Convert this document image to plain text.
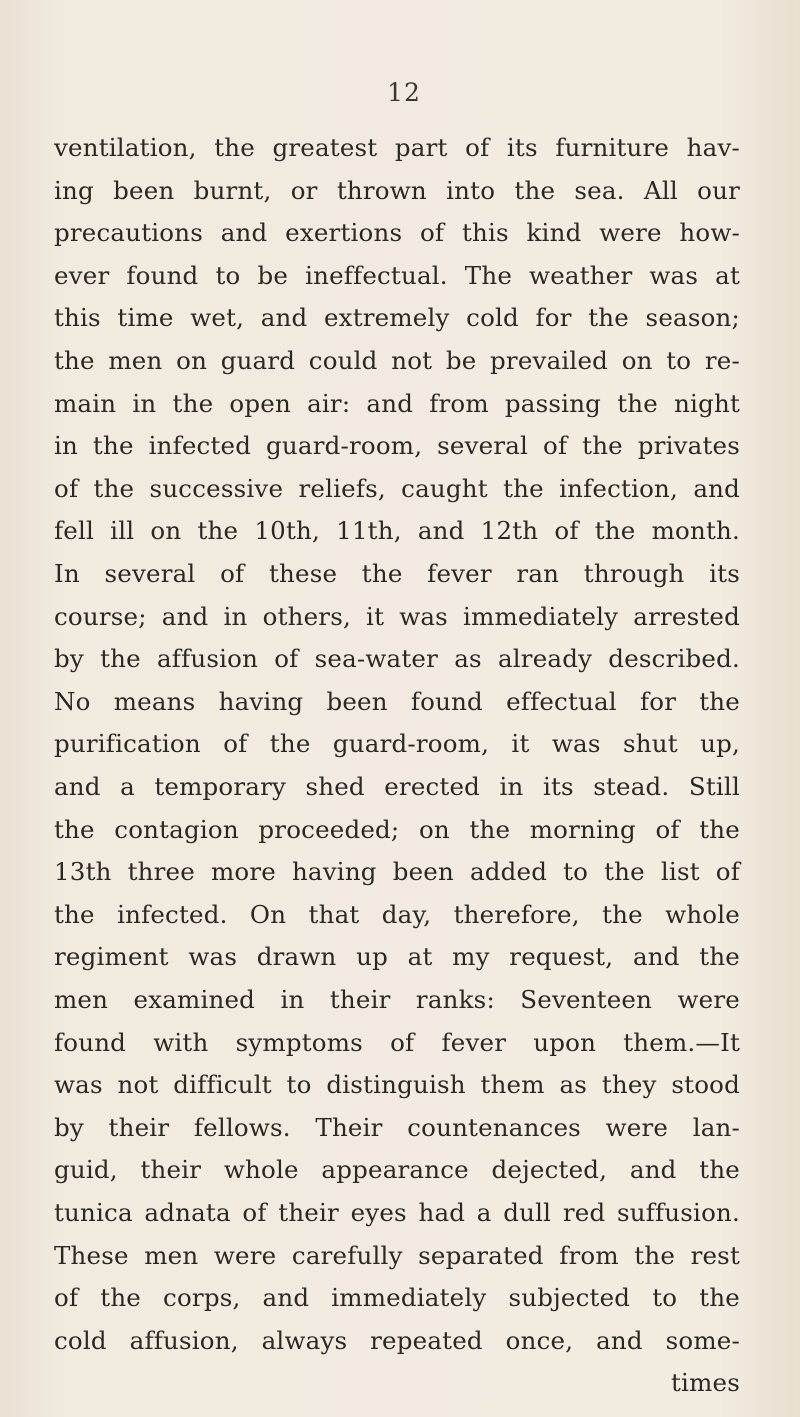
12
ventilation, the greatest part of its furniture hav-
ing been burnt, or thrown into the sea. All our
precautions and exertions of this kind were how-
ever found to be ineffectual. The weather was at
this time wet, and extremely cold for the season;
the men on guard could not be prevailed on to re-
main in the open air: and from passing the night
in the infected guard-room, several of the privates
of the successive reliefs, caught the infection, and
fell ill on the 10th, 11th, and 12th of the month.
In several of these the fever ran through its
course; and in others, it was immediately arrested
by the affusion of sea-water as already described.
No means having been found effectual for the
purification of the guard-room, it was shut up,
and a temporary shed erected in its stead. Still
the contagion proceeded; on the morning of the
13th three more having been added to the list of
the infected. On that day, therefore, the whole
regiment was drawn up at my request, and the
men examined in their ranks: Seventeen were
found with symptoms of fever upon them.—It
was not difficult to distinguish them as they stood
by their fellows. Their countenances were lan-
guid, their whole appearance dejected, and the
tunica adnata of their eyes had a dull red suffusion.
These men were carefully separated from the rest
of the corps, and immediately subjected to the
cold affusion, always repeated once, and some-
times
